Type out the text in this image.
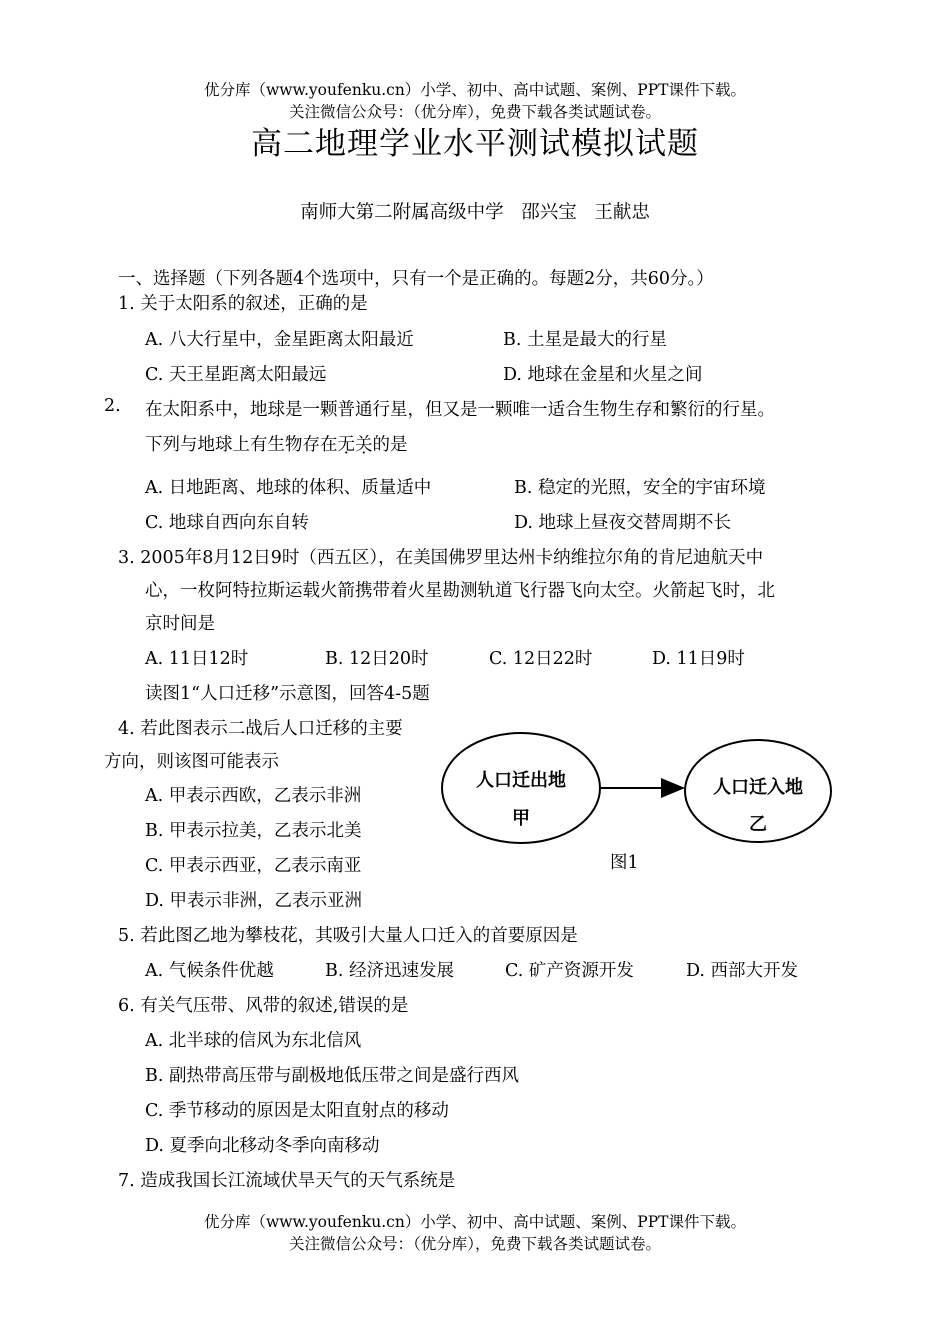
优分库（www.youfenku.cn）小学、初中、高中试题、案例、PPT课件下载。
关注微信公众号：（优分库），免费下载各类试题试卷。
高二地理学业水平测试模拟试题
南师大第二附属高级中学   邵兴宝   王献忠
一、选择题（下列各题4个选项中，只有一个是正确的。每题2分，共60分。）
1. 关于太阳系的叙述，正确的是
A. 八大行星中，金星距离太阳最近	B. 土星是最大的行星
C. 天王星距离太阳最远	D. 地球在金星和火星之间
2. 在太阳系中，地球是一颗普通行星，但又是一颗唯一适合生物生存和繁衍的行星。
下列与地球上有生物存在无关的是
A. 日地距离、地球的体积、质量适中	B. 稳定的光照，安全的宇宙环境
C. 地球自西向东自转	D. 地球上昼夜交替周期不长
3. 2005年8月12日9时（西五区），在美国佛罗里达州卡纳维拉尔角的肯尼迪航天中
心，一枚阿特拉斯运载火箭携带着火星勘测轨道飞行器飞向太空。火箭起飞时，北
京时间是
A. 11日12时	B. 12日20时	C. 12日22时	D. 11日9时
读图1“人口迁移”示意图，回答4-5题
4. 若此图表示二战后人口迁移的主要
方向，则该图可能表示
A. 甲表示西欧，乙表示非洲
B. 甲表示拉美，乙表示北美
C. 甲表示西亚，乙表示南亚
D. 甲表示非洲，乙表示亚洲
人口迁出地
甲
人口迁入地
乙
图1
5. 若此图乙地为攀枝花，其吸引大量人口迁入的首要原因是
A. 气候条件优越	B. 经济迅速发展	C. 矿产资源开发	D. 西部大开发
6. 有关气压带、风带的叙述,错误的是
A. 北半球的信风为东北信风
B. 副热带高压带与副极地低压带之间是盛行西风
C. 季节移动的原因是太阳直射点的移动
D. 夏季向北移动冬季向南移动
7. 造成我国长江流域伏旱天气的天气系统是
优分库（www.youfenku.cn）小学、初中、高中试题、案例、PPT课件下载。
关注微信公众号：（优分库），免费下载各类试题试卷。
